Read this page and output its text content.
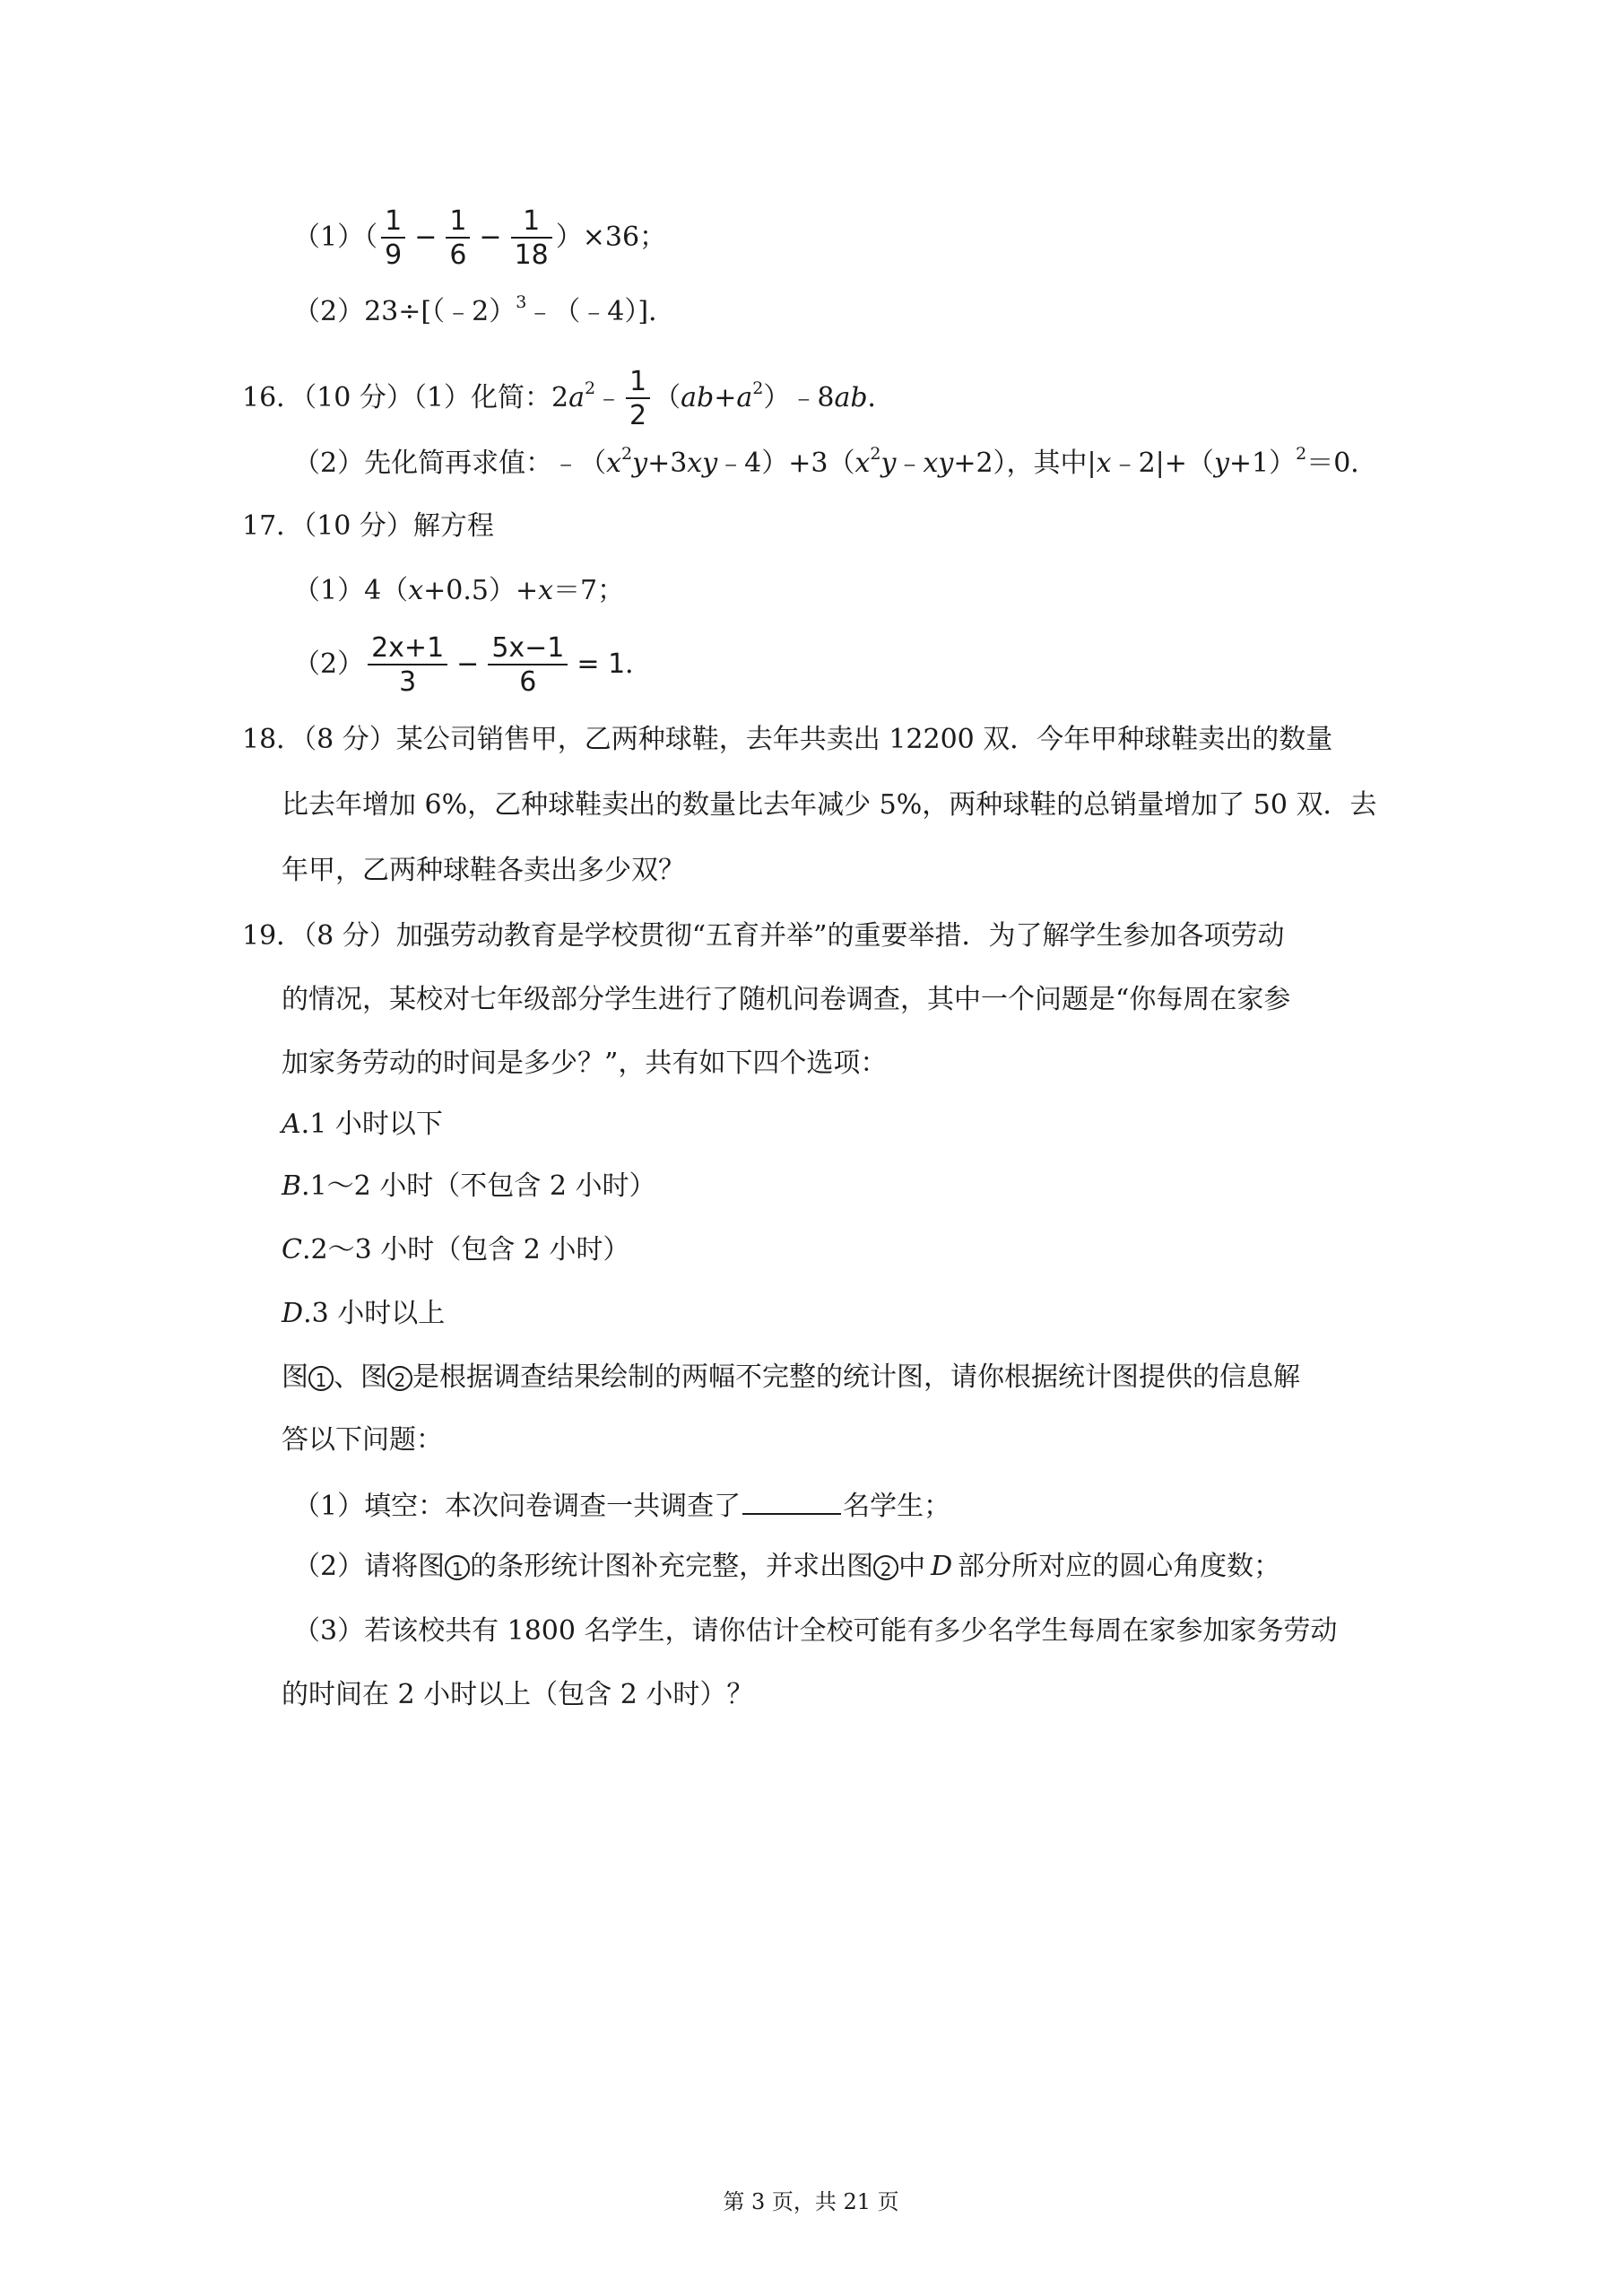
$(1)( \frac{1}{9} - \frac{1}{6} - \frac{1}{18} )\times 36$；
（2）23÷[（﹣2）$^3$﹣（﹣4）]．
16．（10 分）（1）化简：$2a^2﹣ \frac{1}{2}$ $(ab+a^2)﹣8ab$．
（2）先化简再求值：$﹣(x^2y+3xy﹣4)+3(x^2y﹣xy+2)$，其中$|x﹣2|+(y+1)^2=0$．
17．（10 分）解方程
（1）4（x+0.5）+x＝7；
$(2) \frac{2x+1}{3} - \frac{5x-1}{6} = 1$．
18．（8 分）某公司销售甲，乙两种球鞋，去年共卖出 12200 双．今年甲种球鞋卖出的数量
比去年增加 6%，乙种球鞋卖出的数量比去年减少 5%，两种球鞋的总销量增加了 50 双．去
年甲，乙两种球鞋各卖出多少双？
19．（8 分）加强劳动教育是学校贯彻“五育并举”的重要举措．为了解学生参加各项劳动
的情况，某校对七年级部分学生进行了随机问卷调查，其中一个问题是“你每周在家参
加家务劳动的时间是多少？”，共有如下四个选项：
A.1 小时以下
B.1～2 小时（不包含 2 小时）
C.2～3 小时（包含 2 小时）
D.3 小时以上
图 1 、图 2 是根据调查结果绘制的两幅不完整的统计图，请你根据统计图提供的信息解
答以下问题：
（1）填空：本次问卷调查一共调查了	名学生；
（2）请将图 1 的条形统计图补充完整，并求出图 2 中 D 部分所对应的圆心角度数；
（3）若该校共有 1800 名学生，请你估计全校可能有多少名学生每周在家参加家务劳动
的时间在 2 小时以上（包含 2 小时）？
第 3 页，共 21 页
